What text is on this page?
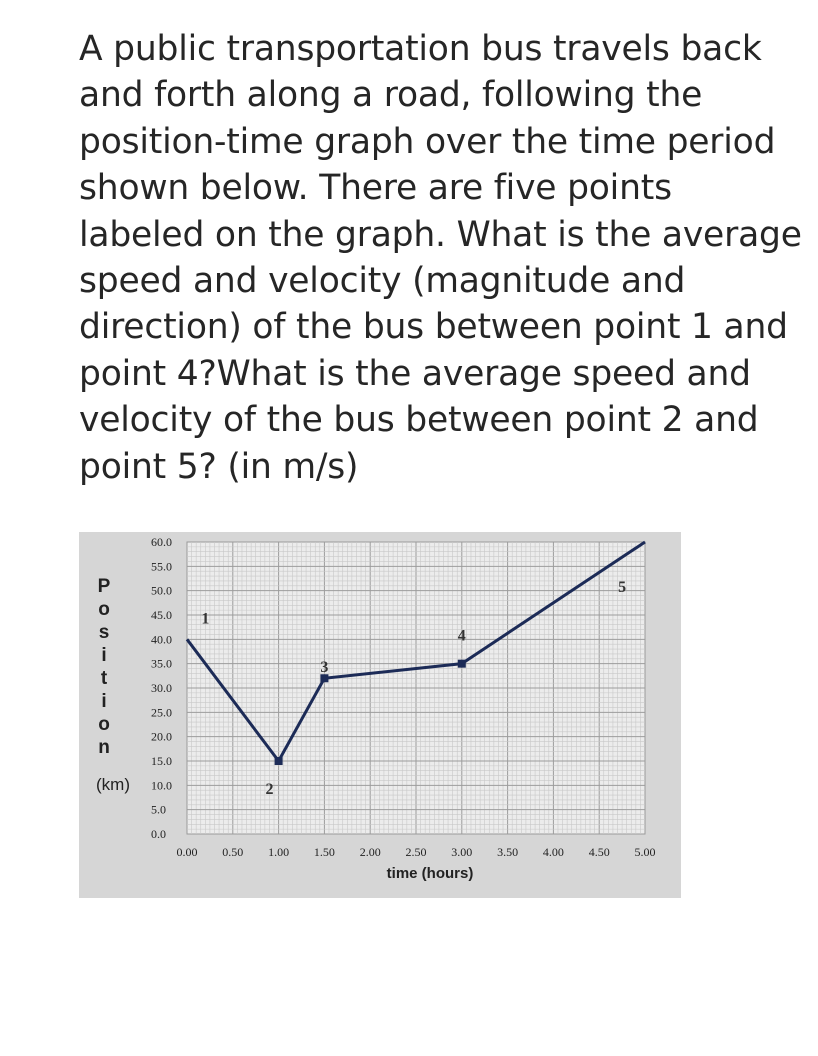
A public transportation bus travels back and forth along a road, following the position-time graph over the time period shown below. There are five points labeled on the graph. What is the average speed and velocity (magnitude and direction) of the bus between point 1 and point 4?What is the average speed and velocity of the bus between point 2 and point 5? (in m/s)

0.0
5.0
10.0
15.0
20.0
25.0
30.0
35.0
40.0
45.0
50.0
55.0
60.0
0.00 0.50 1.00 1.50 2.00 2.50 3.00 3.50 4.00 4.50 5.00
time (hours)
1
2
3
4
5
P
o
s
i
t
i
o
n
(km)
